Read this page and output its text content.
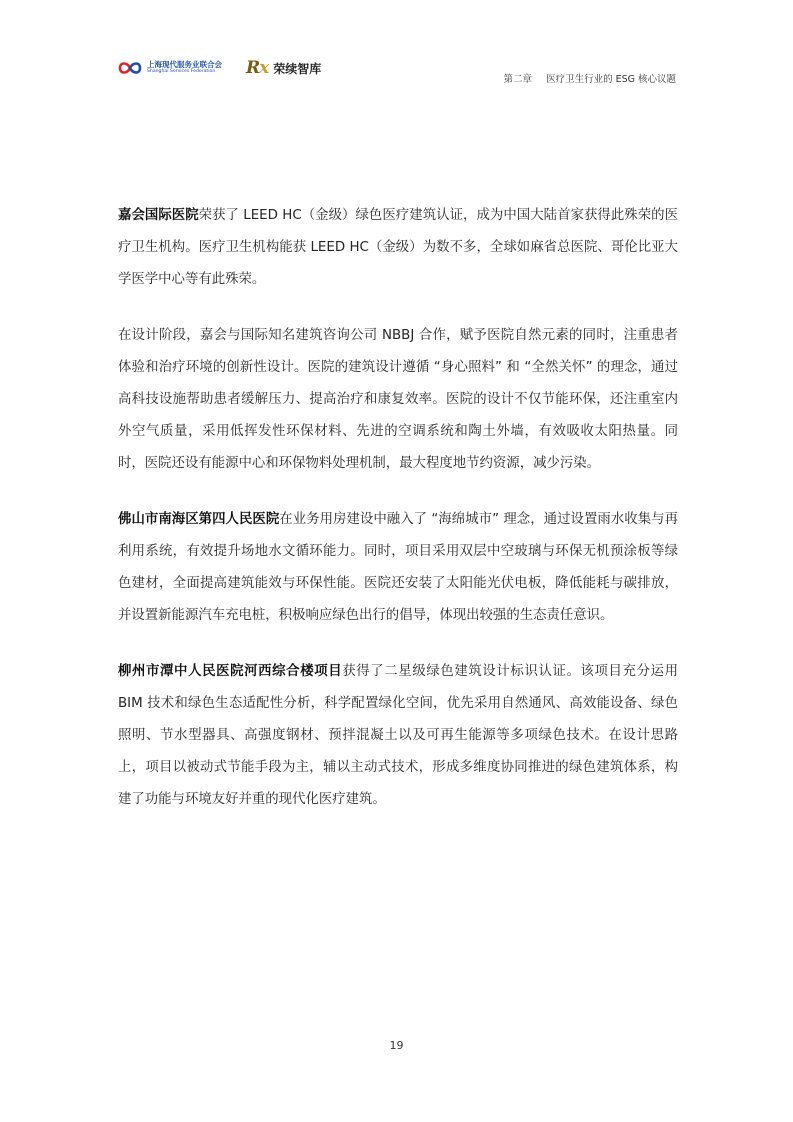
上海现代服务业联合会
Shanghai Services Federation	Rx 荣续智库
第二章 医疗卫生行业的 ESG 核心议题

嘉会国际医院荣获了 LEED HC（金级）绿色医疗建筑认证，成为中国大陆首家获得此殊荣的医疗卫生机构。医疗卫生机构能获 LEED HC（金级）为数不多，全球如麻省总医院、哥伦比亚大学医学中心等有此殊荣。

在设计阶段，嘉会与国际知名建筑咨询公司 NBBJ 合作，赋予医院自然元素的同时，注重患者体验和治疗环境的创新性设计。医院的建筑设计遵循 “身心照料” 和 “全然关怀” 的理念，通过高科技设施帮助患者缓解压力、提高治疗和康复效率。医院的设计不仅节能环保，还注重室内外空气质量，采用低挥发性环保材料、先进的空调系统和陶土外墙，有效吸收太阳热量。同时，医院还设有能源中心和环保物料处理机制，最大程度地节约资源，减少污染。

佛山市南海区第四人民医院在业务用房建设中融入了 “海绵城市” 理念，通过设置雨水收集与再利用系统，有效提升场地水文循环能力。同时，项目采用双层中空玻璃与环保无机预涂板等绿色建材，全面提高建筑能效与环保性能。医院还安装了太阳能光伏电板，降低能耗与碳排放，并设置新能源汽车充电桩，积极响应绿色出行的倡导，体现出较强的生态责任意识。

柳州市潭中人民医院河西综合楼项目获得了二星级绿色建筑设计标识认证。该项目充分运用 BIM 技术和绿色生态适配性分析，科学配置绿化空间，优先采用自然通风、高效能设备、绿色照明、节水型器具、高强度钢材、预拌混凝土以及可再生能源等多项绿色技术。在设计思路上，项目以被动式节能手段为主，辅以主动式技术，形成多维度协同推进的绿色建筑体系，构建了功能与环境友好并重的现代化医疗建筑。

19
